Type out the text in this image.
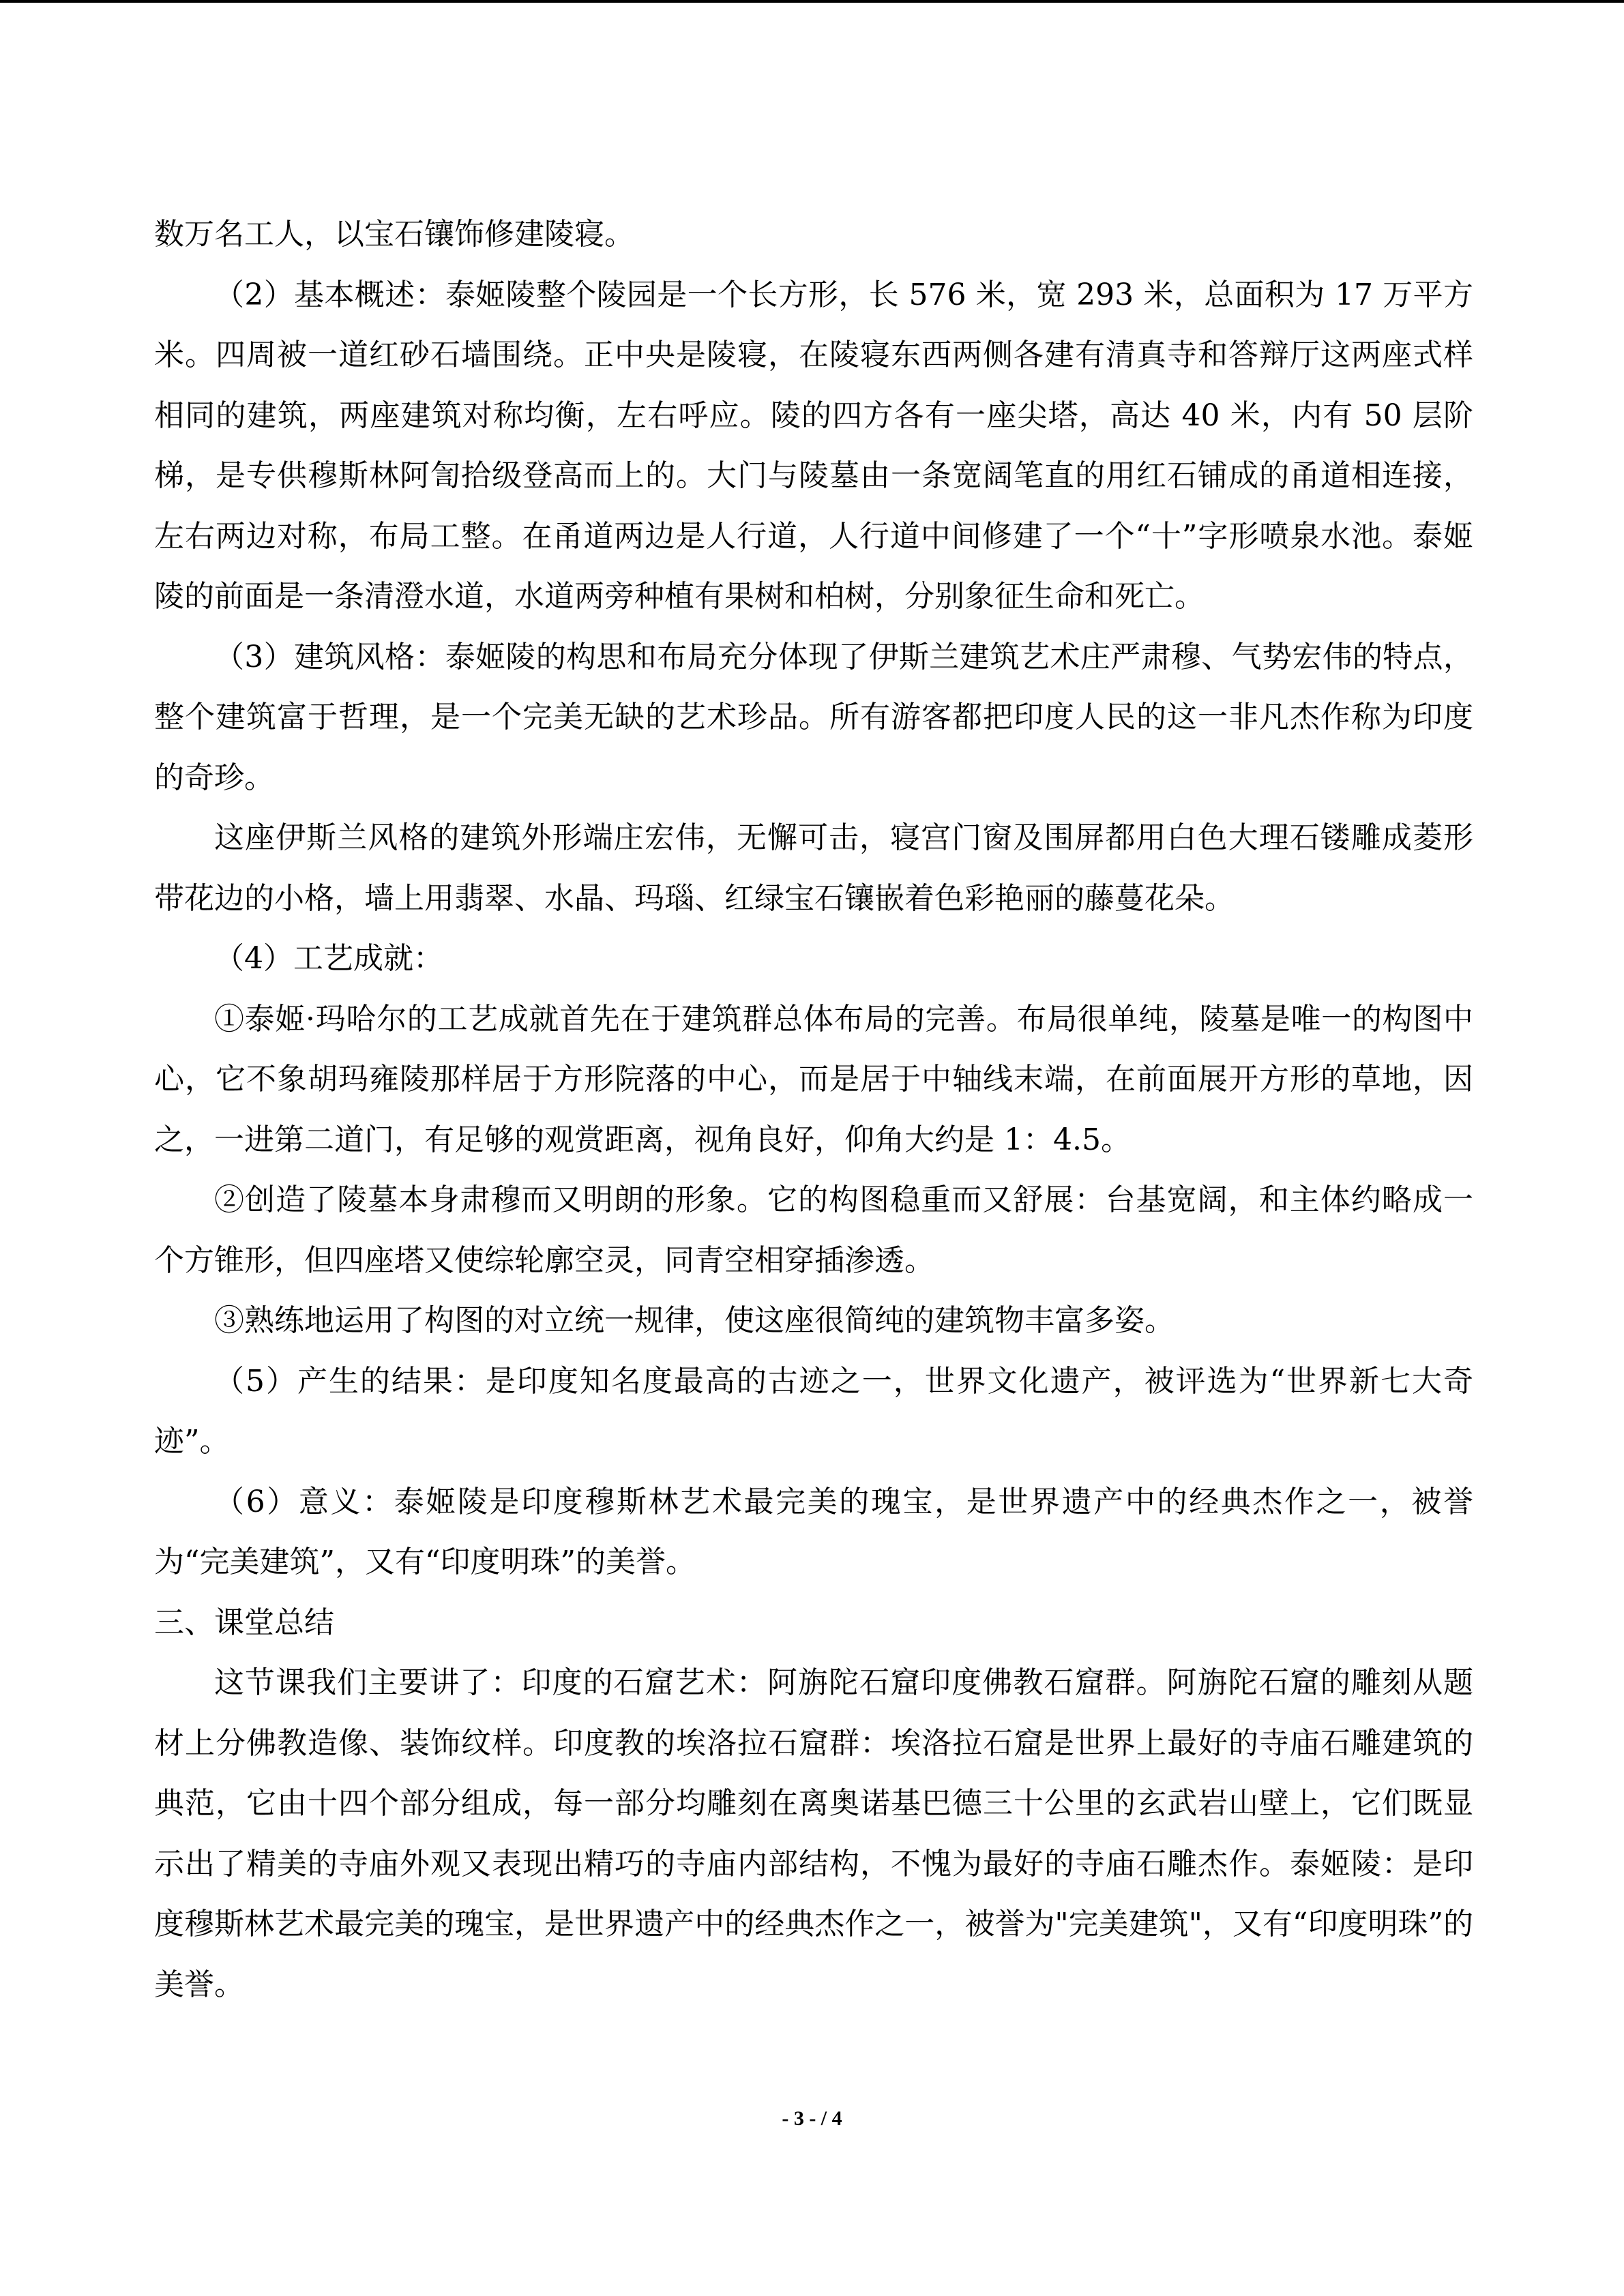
数万名工人，以宝石镶饰修建陵寝。

（2）基本概述：泰姬陵整个陵园是一个长方形，长 576 米，宽 293 米，总面积为 17 万平方米。四周被一道红砂石墙围绕。正中央是陵寝，在陵寝东西两侧各建有清真寺和答辩厅这两座式样相同的建筑，两座建筑对称均衡，左右呼应。陵的四方各有一座尖塔，高达 40 米，内有 50 层阶梯，是专供穆斯林阿訇拾级登高而上的。大门与陵墓由一条宽阔笔直的用红石铺成的甬道相连接，左右两边对称，布局工整。在甬道两边是人行道，人行道中间修建了一个“十”字形喷泉水池。泰姬陵的前面是一条清澄水道，水道两旁种植有果树和柏树，分别象征生命和死亡。

（3）建筑风格：泰姬陵的构思和布局充分体现了伊斯兰建筑艺术庄严肃穆、气势宏伟的特点，整个建筑富于哲理，是一个完美无缺的艺术珍品。所有游客都把印度人民的这一非凡杰作称为印度的奇珍。

这座伊斯兰风格的建筑外形端庄宏伟，无懈可击，寝宫门窗及围屏都用白色大理石镂雕成菱形带花边的小格，墙上用翡翠、水晶、玛瑙、红绿宝石镶嵌着色彩艳丽的藤蔓花朵。

（4）工艺成就：

①泰姬·玛哈尔的工艺成就首先在于建筑群总体布局的完善。布局很单纯，陵墓是唯一的构图中心，它不象胡玛雍陵那样居于方形院落的中心，而是居于中轴线末端，在前面展开方形的草地，因之，一进第二道门，有足够的观赏距离，视角良好，仰角大约是 1：4.5。

②创造了陵墓本身肃穆而又明朗的形象。它的构图稳重而又舒展：台基宽阔，和主体约略成一个方锥形，但四座塔又使综轮廓空灵，同青空相穿插渗透。

③熟练地运用了构图的对立统一规律，使这座很简纯的建筑物丰富多姿。

（5）产生的结果：是印度知名度最高的古迹之一，世界文化遗产，被评选为“世界新七大奇迹”。

（6）意义：泰姬陵是印度穆斯林艺术最完美的瑰宝，是世界遗产中的经典杰作之一，被誉为“完美建筑”，又有“印度明珠”的美誉。

三、课堂总结

这节课我们主要讲了：印度的石窟艺术：阿旃陀石窟印度佛教石窟群。阿旃陀石窟的雕刻从题材上分佛教造像、装饰纹样。印度教的埃洛拉石窟群：埃洛拉石窟是世界上最好的寺庙石雕建筑的典范，它由十四个部分组成，每一部分均雕刻在离奥诺基巴德三十公里的玄武岩山壁上，它们既显示出了精美的寺庙外观又表现出精巧的寺庙内部结构，不愧为最好的寺庙石雕杰作。泰姬陵：是印度穆斯林艺术最完美的瑰宝，是世界遗产中的经典杰作之一，被誉为"完美建筑"，又有“印度明珠”的美誉。

- 3 - / 4
